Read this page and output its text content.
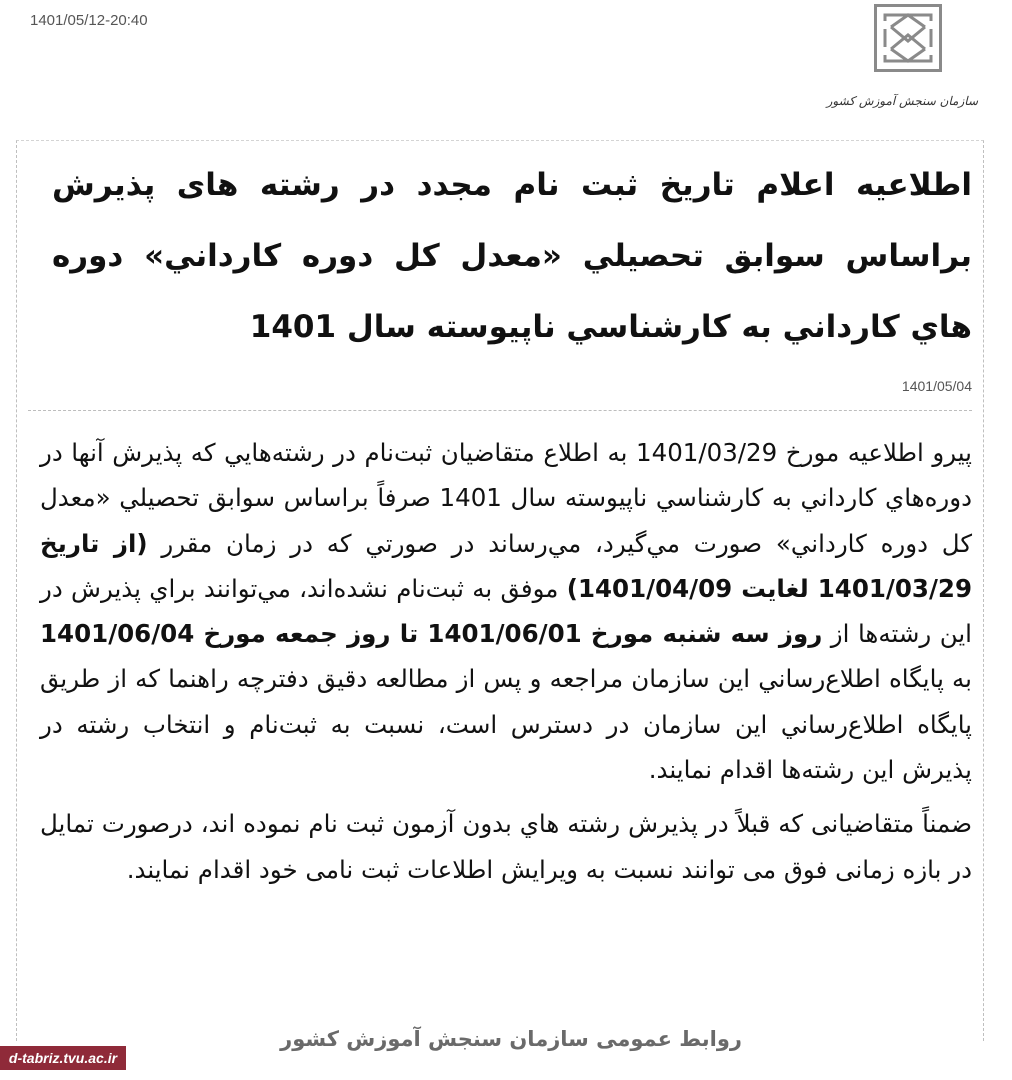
1401/05/12-20:40
سازمان سنجش آموزش کشور
اطلاعيه اعلام تاريخ ثبت نام مجدد در رشته های پذيرش براساس سوابق تحصيلي «معدل کل دوره کارداني» دوره هاي کارداني به کارشناسي ناپيوسته سال 1401
1401/05/04

پيرو اطلاعيه مورخ 1401/03/29 به اطلاع متقاضيان ثبت‌نام در رشته‌هايي که پذيرش آنها در دوره‌هاي کارداني به کارشناسي ناپيوسته سال 1401 صرفاً براساس سوابق تحصيلي «معدل کل دوره کارداني» صورت مي‌گيرد، مي‌رساند در صورتي که در زمان مقرر (از تاريخ 1401/03/29 لغايت 1401/04/09) موفق به ثبت‌نام نشده‌اند، مي‌توانند براي پذيرش در اين رشته‌ها از روز سه شنبه مورخ 1401/06/01 تا روز جمعه مورخ 1401/06/04 به پايگاه اطلاع‌رساني اين سازمان مراجعه و پس از مطالعه دقيق دفترچه راهنما که از طريق پايگاه اطلاع‌رساني اين سازمان در دسترس است، نسبت به ثبت‌نام و انتخاب رشته در پذيرش اين رشته‌ها اقدام نمايند.

ضمناً متقاضیانی که قبلاً در پذیرش رشته هاي بدون آزمون ثبت نام نموده اند، درصورت تمایل در بازه زمانی فوق می توانند نسبت به ویرایش اطلاعات ثبت نامی خود اقدام نمایند.

روابط عمومی سازمان سنجش آموزش کشور
d-tabriz.tvu.ac.ir
